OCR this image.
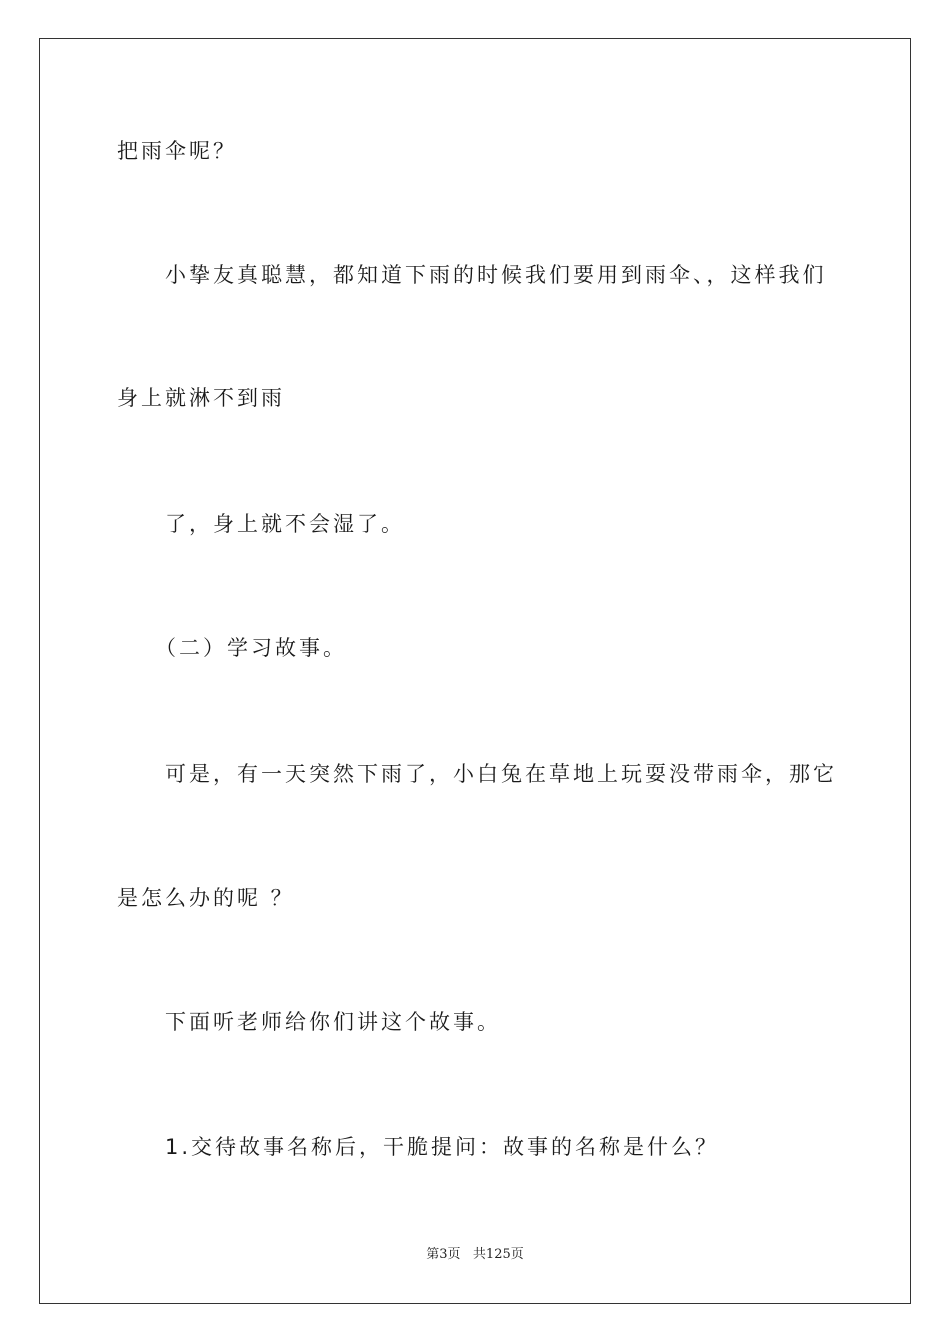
把雨伞呢？
小挚友真聪慧，都知道下雨的时候我们要用到雨伞、，这样我们
身上就淋不到雨
了，身上就不会湿了。
（二）学习故事。
可是，有一天突然下雨了，小白兔在草地上玩耍没带雨伞，那它
是怎么办的呢 ？
下面听老师给你们讲这个故事。
1.交待故事名称后，干脆提问：故事的名称是什么？
第3页 共125页
